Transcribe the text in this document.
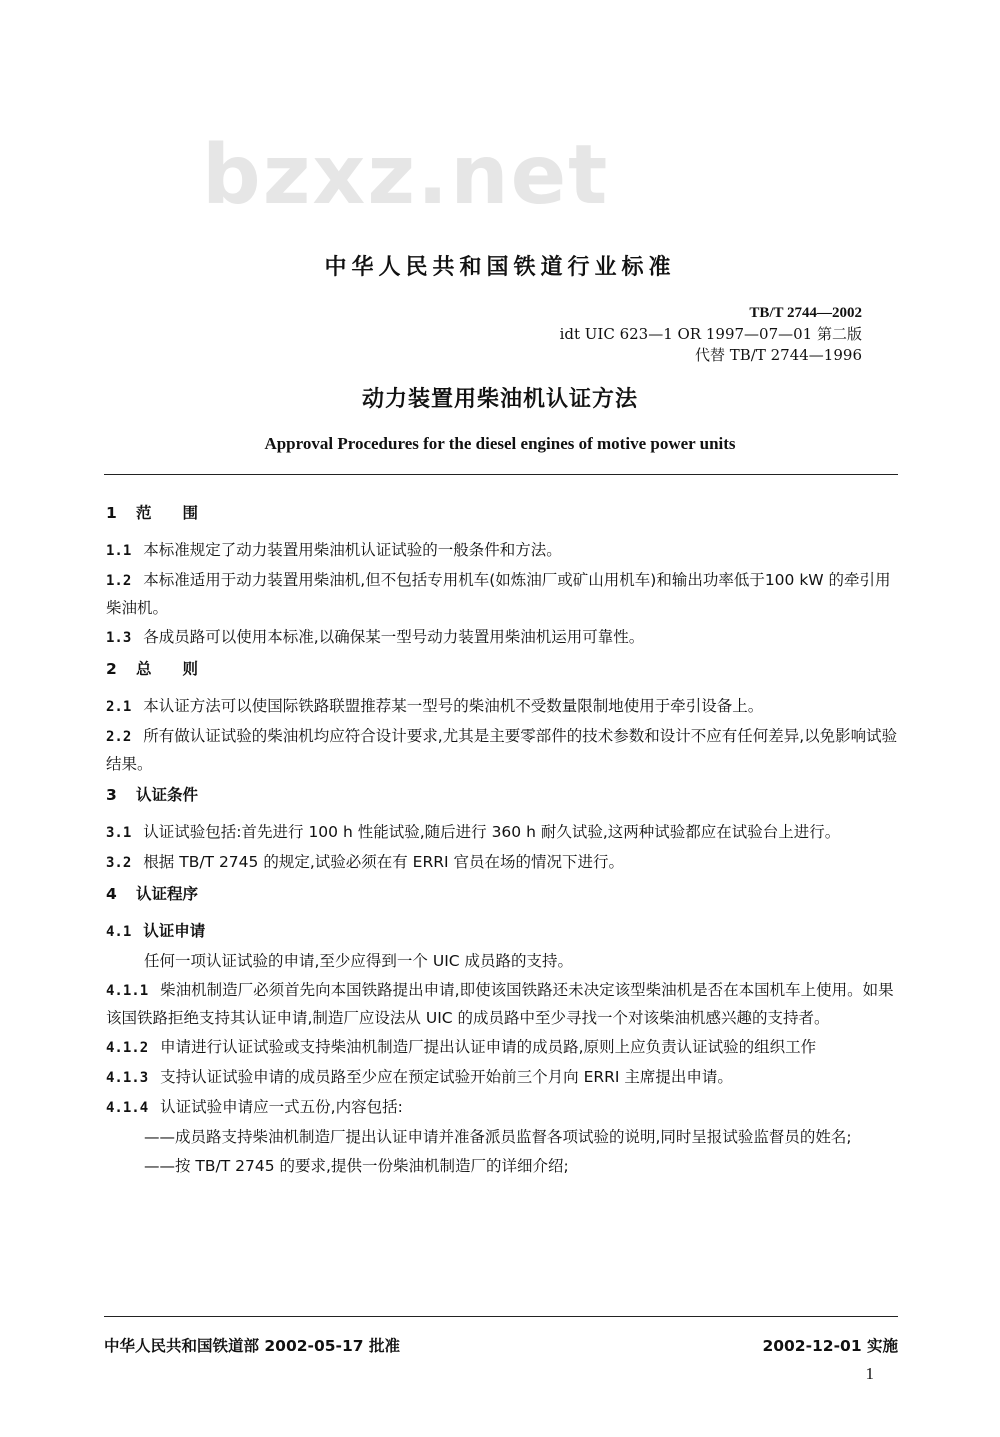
bzxz.net
中华人民共和国铁道行业标准
TB/T 2744—2002
idt UIC 623—1 OR 1997—07—01 第二版
代替 TB/T 2744—1996
动力装置用柴油机认证方法
Approval Procedures for the diesel engines of motive power units

1 范　　围

1.1 本标准规定了动力装置用柴油机认证试验的一般条件和方法。

1.2 本标准适用于动力装置用柴油机,但不包括专用机车(如炼油厂或矿山用机车)和输出功率低于100 kW 的牵引用柴油机。

1.3 各成员路可以使用本标准,以确保某一型号动力装置用柴油机运用可靠性。

2 总　　则

2.1 本认证方法可以使国际铁路联盟推荐某一型号的柴油机不受数量限制地使用于牵引设备上。

2.2 所有做认证试验的柴油机均应符合设计要求,尤其是主要零部件的技术参数和设计不应有任何差异,以免影响试验结果。

3 认证条件

3.1 认证试验包括:首先进行 100 h 性能试验,随后进行 360 h 耐久试验,这两种试验都应在试验台上进行。

3.2 根据 TB/T 2745 的规定,试验必须在有 ERRI 官员在场的情况下进行。

4 认证程序

4.1 认证申请

任何一项认证试验的申请,至少应得到一个 UIC 成员路的支持。

4.1.1 柴油机制造厂必须首先向本国铁路提出申请,即使该国铁路还未决定该型柴油机是否在本国机车上使用。如果该国铁路拒绝支持其认证申请,制造厂应设法从 UIC 的成员路中至少寻找一个对该柴油机感兴趣的支持者。

4.1.2 申请进行认证试验或支持柴油机制造厂提出认证申请的成员路,原则上应负责认证试验的组织工作

4.1.3 支持认证试验申请的成员路至少应在预定试验开始前三个月向 ERRI 主席提出申请。

4.1.4 认证试验申请应一式五份,内容包括:

——成员路支持柴油机制造厂提出认证申请并准备派员监督各项试验的说明,同时呈报试验监督员的姓名;

——按 TB/T 2745 的要求,提供一份柴油机制造厂的详细介绍;

中华人民共和国铁道部 2002-05-17 批准	2002-12-01 实施
1
